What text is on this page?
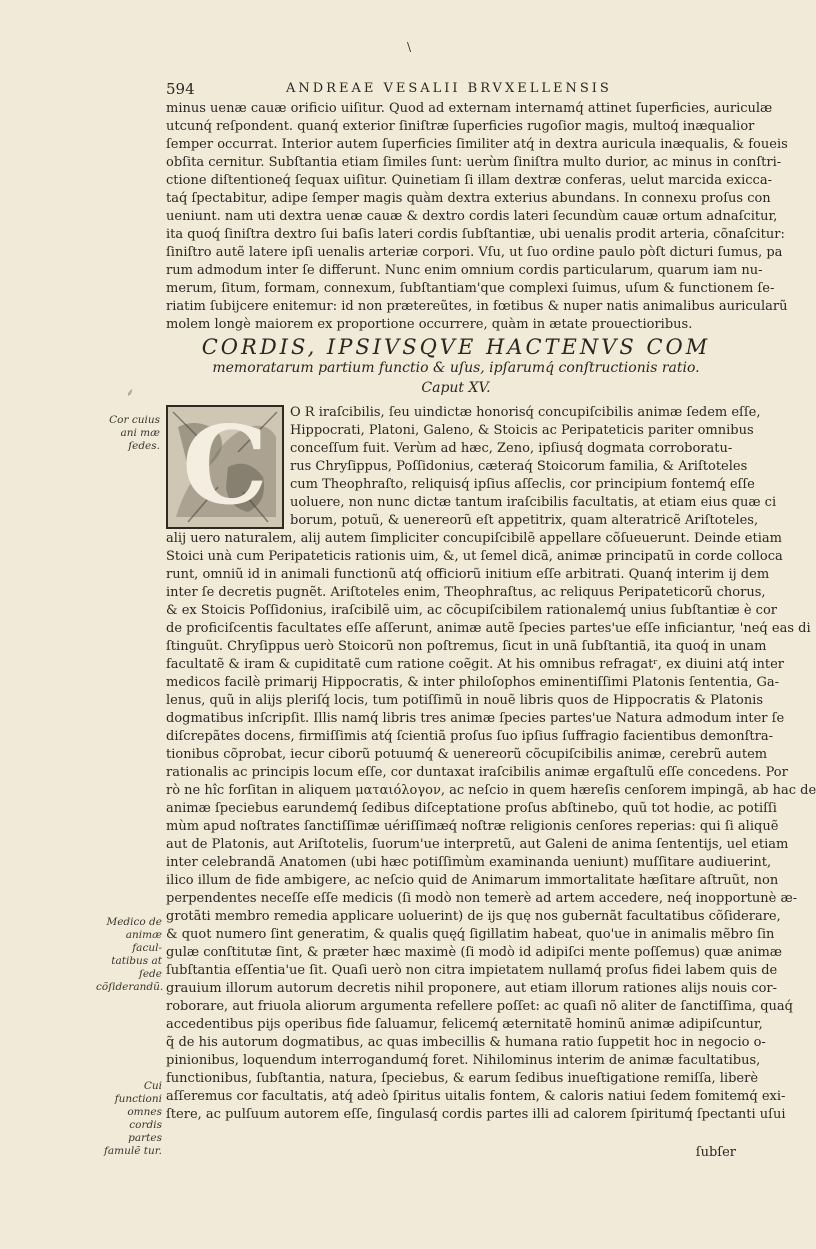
\
594	ANDREAE VESALII BRVXELLENSIS
minus uenæ cauæ orificio uiſitur. Quod ad externam internamq́ attinet ſuperficies, auriculæ
utcunq́ reſpondent. quanq́ exterior ſiniſtræ ſuperficies rugoſior magis, multoq́ inæqualior
ſemper occurrat. Interior autem ſuperficies ſimiliter atq́ in dextra auricula inæqualis, & foueis
obſita cernitur. Subſtantia etiam ſimiles ſunt: uerùm ſiniſtra multo durior, ac minus in conſtri-
ctione diſtentioneq́ ſequax uiſitur. Quinetiam ſi illam dextræ conferas, uelut marcida exicca-
taq́ ſpectabitur, adipe ſemper magis quàm dextra exterius abundans. In connexu proſus con
ueniunt. nam uti dextra uenæ cauæ & dextro cordis lateri ſecundùm cauæ ortum adnaſcitur,
ita quoq́ ſiniſtra dextro ſui baſis lateri cordis ſubſtantiæ, ubi uenalis prodit arteria, cõnaſcitur:
ſiniſtro autẽ latere ipſi uenalis arteriæ corpori. Vſu, ut ſuo ordine paulo pòſt dicturi ſumus, pa
rum admodum inter ſe differunt. Nunc enim omnium cordis particularum, quarum iam nu-
merum, ſitum, formam, connexum, ſubſtantiam'que complexi ſuimus, uſum & functionem ſe-
riatim ſubijcere enitemur: id non prætereũtes, in fœtibus & nuper natis animalibus auricularũ
molem longè maiorem ex proportione occurrere, quàm in ætate prouectioribus.
CORDIS, IPSIVSQVE HACTENVS COM
memoratarum partium functio & uſus, ipſarumq́ conſtructionis ratio.
Caput XV.
⸙
Cor cuius ani mæ ſedes. C	O R iraſcibilis, ſeu uindictæ honorisq́ concupiſcibilis animæ ſedem eſſe,
Hippocrati, Platoni, Galeno, & Stoicis ac Peripateticis pariter omnibus
conceſſum fuit. Verùm ad hæc, Zeno, ipſiusq́ dogmata corroboratu-
rus Chryſippus, Poſſidonius, cæteraq́ Stoicorum familia, & Ariſtoteles
cum Theophraſto, reliquisq́ ipſius aſſeclis, cor principium fontemq́ eſſe
uoluere, non nunc dictæ tantum iraſcibilis facultatis, at etiam eius quæ ci
borum, potuũ, & uenereorũ eſt appetitrix, quam alteratricẽ Ariſtoteles,
alij uero naturalem, alij autem ſimpliciter concupiſcibilẽ appellare cõſueuerunt. Deinde etiam
Stoici unà cum Peripateticis rationis uim, &, ut ſemel dicã, animæ principatũ in corde colloca
runt, omniũ id in animali functionũ atq́ officiorũ initium eſſe arbitrati. Quanq́ interim ij dem
inter ſe decretis pugnẽt. Ariſtoteles enim, Theophraſtus, ac reliquus Peripateticorũ chorus,
& ex Stoicis Poſſidonius, iraſcibilẽ uim, ac cõcupiſcibilem rationalemq́ unius ſubſtantiæ è cor
de proficiſcentis facultates eſſe aſſerunt, animæ autẽ ſpecies partes'ue eſſe inficiantur, 'neq́ eas di
ſtinguũt. Chryſippus uerò Stoicorũ non poſtremus, ſicut in unã ſubſtantiã, ita quoq́ in unam
facultatẽ & iram & cupiditatẽ cum ratione coẽgit. At his omnibus refragatʳ, ex diuini atq́ inter
medicos facilè primarij Hippocratis, & inter philoſophos eminentiſſimi Platonis ſententia, Ga-
lenus, quũ in alijs pleriſq́ locis, tum potiſſimũ in nouẽ libris quos de Hippocratis & Platonis
dogmatibus inſcripſit. Illis namq́ libris tres animæ ſpecies partes'ue Natura admodum inter ſe
diſcrepãtes docens, firmiſſimis atq́ ſcientiã proſus ſuo ipſius ſuffragio facientibus demonſtra-
tionibus cõprobat, iecur ciborũ potuumq́ & uenereorũ cõcupiſcibilis animæ, cerebrũ autem
rationalis ac principis locum eſſe, cor duntaxat iraſcibilis animæ ergaſtulũ eſſe concedens. Por
rò ne hîc forſitan in aliquem ματαιόλογον, ac neſcio in quem hæreſis cenſorem impingã, ab hac de
animæ ſpeciebus earundemq́ ſedibus diſceptatione proſus abſtinebo, quũ tot hodie, ac potiſſi
mùm apud noſtrates ſanctiſſimæ uériſſimæq́ noſtræ religionis cenſores reperias: qui ſi aliquẽ
aut de Platonis, aut Ariſtotelis, ſuorum'ue interpretũ, aut Galeni de anima ſententijs, uel etiam
inter celebrandã Anatomen (ubi hæc potiſſimùm examinanda ueniunt) muſſitare audiuerint,
ilico illum de fide ambigere, ac neſcio quid de Animarum immortalitate hæſitare aſtruũt, non
perpendentes neceſſe eſſe medicis (ſi modò non temerè ad artem accedere, neq́ inopportunè æ-
grotãti membro remedia applicare uoluerint) de ijs quę nos gubernãt facultatibus cõſiderare,
& quot numero ſint generatim, & qualis quęq́ ſigillatim habeat, quo'ue in animalis mẽbro ſin
gulæ conſtitutæ ſint, & præter hæc maximè (ſi modò id adipiſci mente poſſemus) quæ animæ
ſubſtantia eſſentia'ue ſit. Quaſi uerò non citra impietatem nullamq́ proſus fidei labem quis de
grauium illorum autorum decretis nihil proponere, aut etiam illorum rationes alijs nouis cor-
roborare, aut friuola aliorum argumenta refellere poſſet: ac quaſi nõ aliter de ſanctiſſima, quaq́
accedentibus pijs operibus fide ſaluamur, felicemq́ æternitatẽ hominũ animæ adipiſcuntur,
q̃ de his autorum dogmatibus, ac quas imbecillis & humana ratio ſuppetit hoc in negocio o-
pinionibus, loquendum interrogandumq́ foret. Nihilominus interim de animæ facultatibus,
functionibus, ſubſtantia, natura, ſpeciebus, & earum ſedibus inueſtigatione remiſſa, liberè
aſſeremus cor facultatis, atq́ adeò ſpiritus uitalis fontem, & caloris natiui ſedem fomitemq́ exi-
ſtere, ac pulſuum autorem eſſe, ſingulasq́ cordis partes illi ad calorem ſpiritumq́ ſpectanti uſui
ſubſer
Medico de animæ facul- tatibus at ſede cõſiderandũ.
Cui functioni omnes cordis partes famulẽ tur.
